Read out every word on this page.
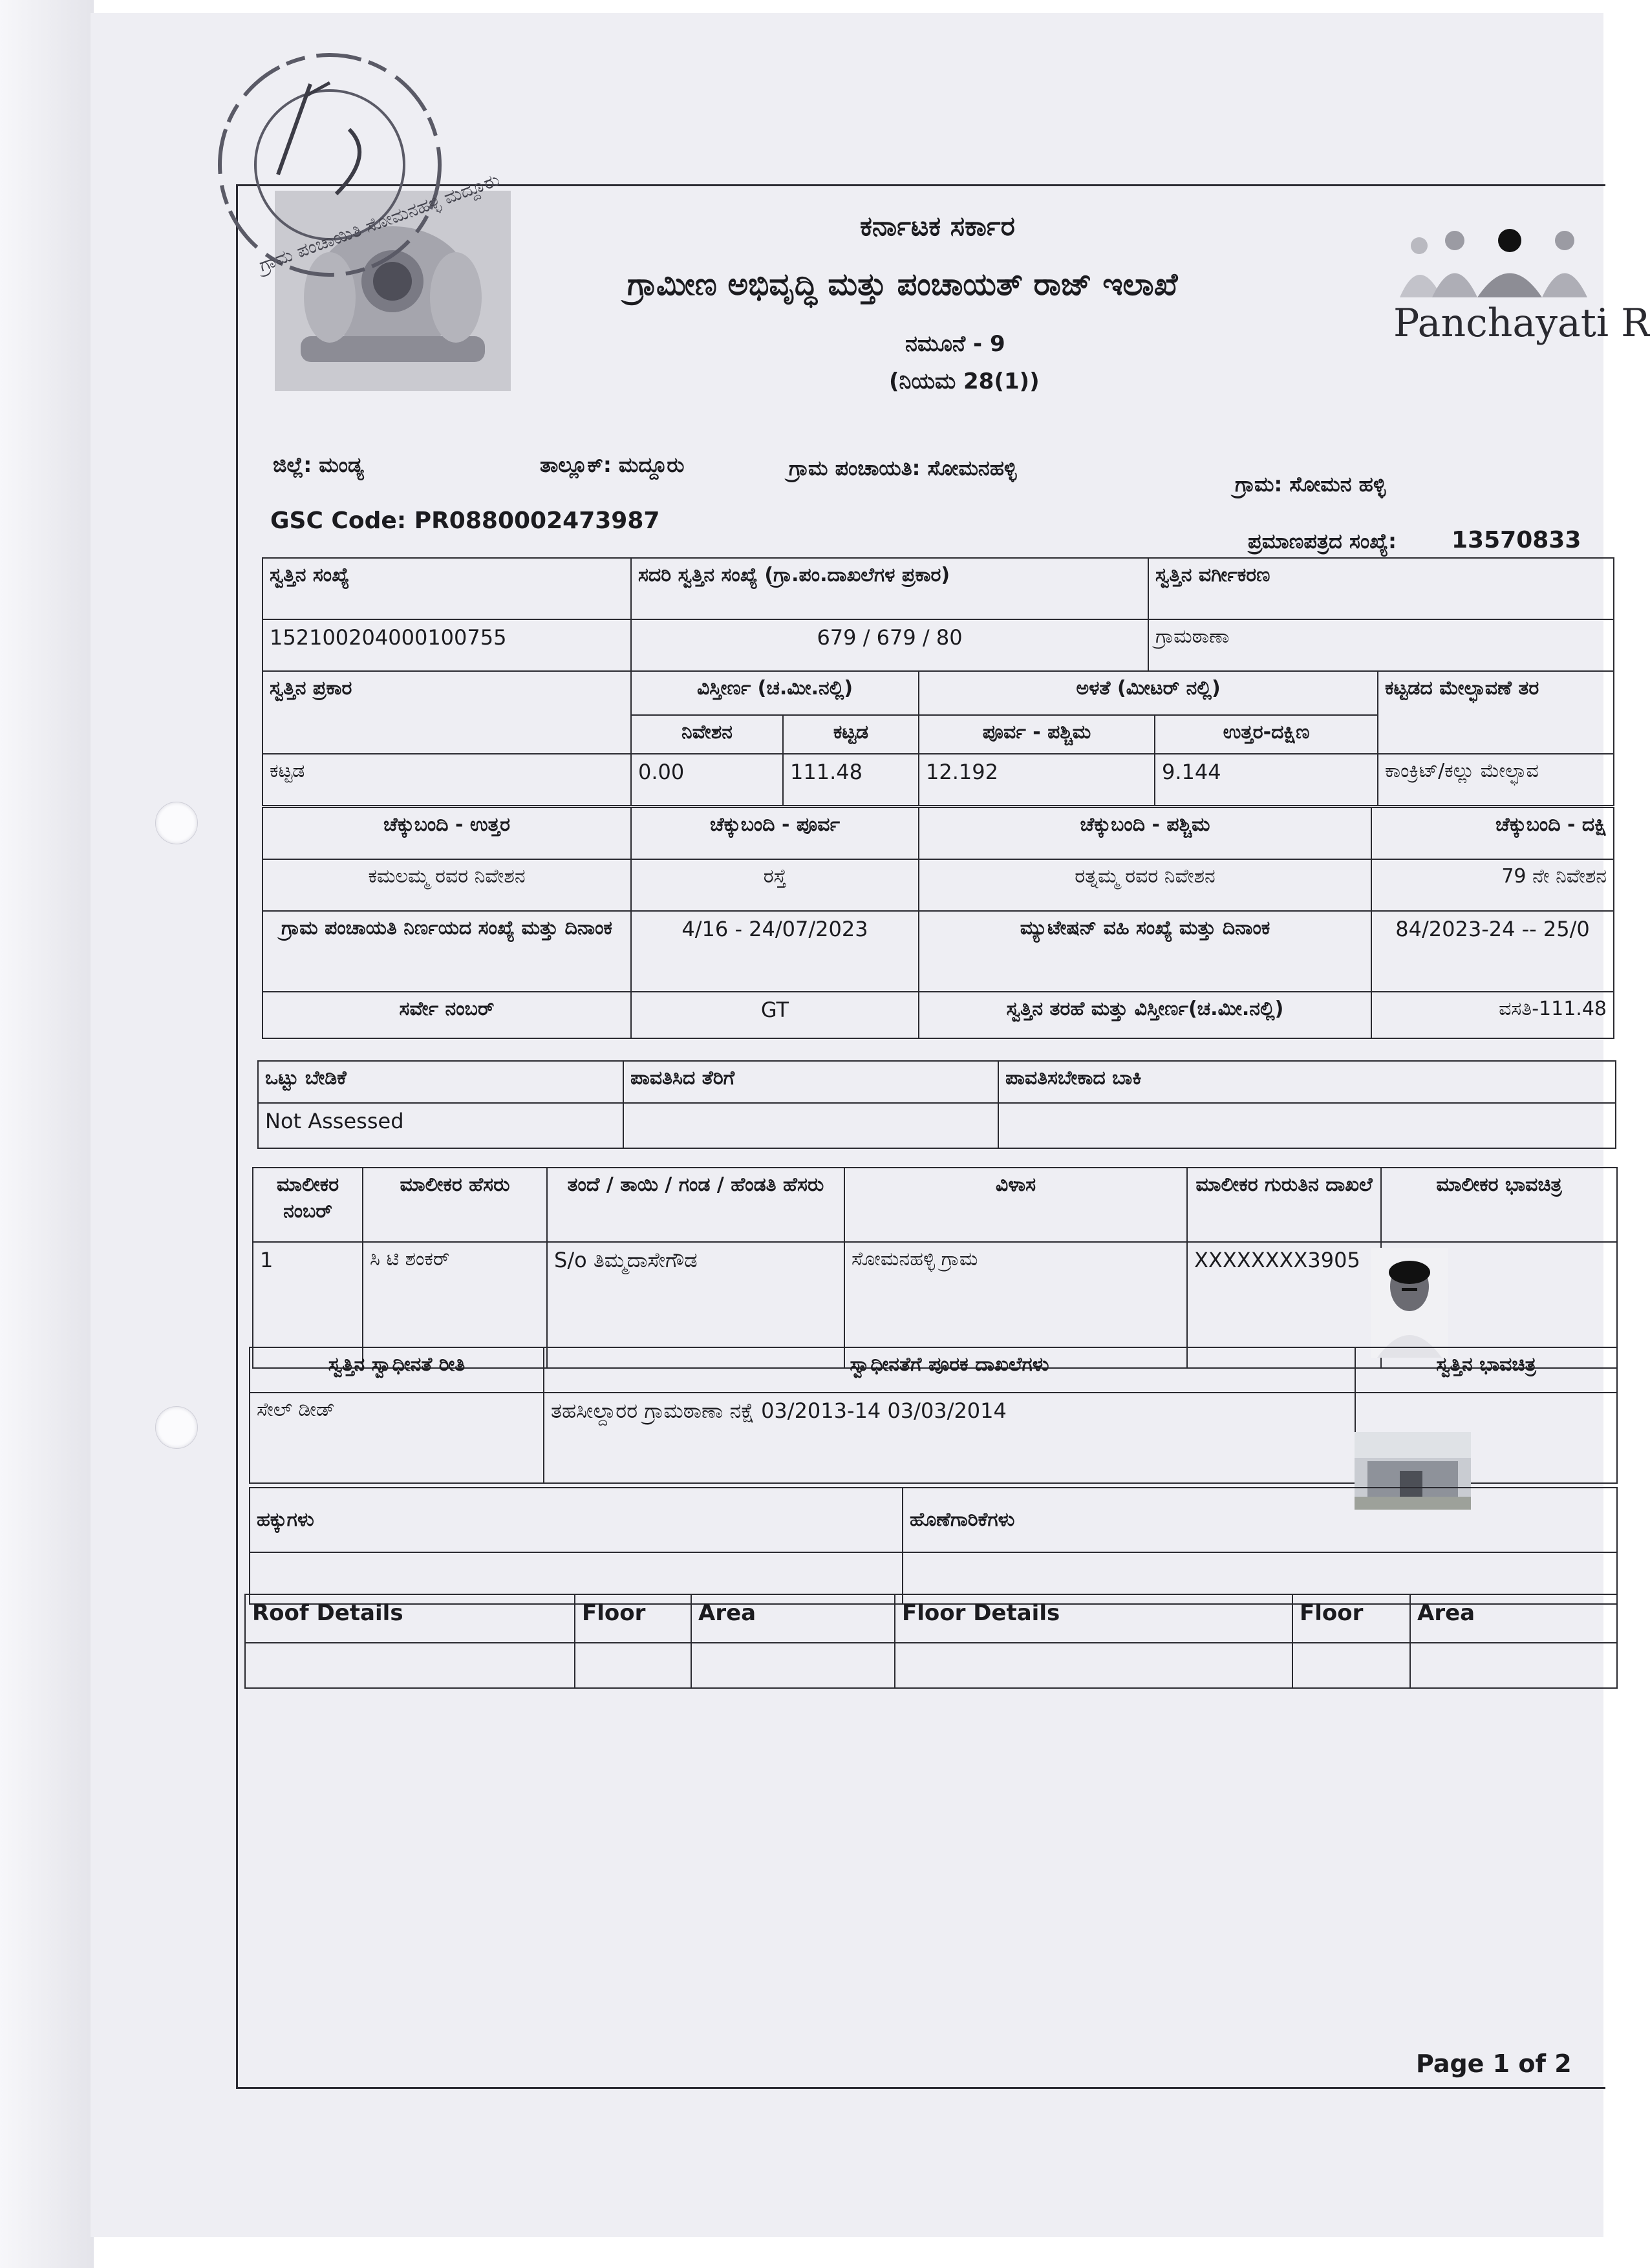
ಗ್ರಾಮ ಪಂಚಾಯಿತಿ ಸೋಮನಹಳ್ಳಿ ಮದ್ದೂರು
Panchayati R
ಕರ್ನಾಟಕ ಸರ್ಕಾರ
ಗ್ರಾಮೀಣ ಅಭಿವೃದ್ಧಿ ಮತ್ತು ಪಂಚಾಯತ್ ರಾಜ್ ಇಲಾಖೆ
ನಮೂನೆ - 9
(ನಿಯಮ 28(1))
ಜಿಲ್ಲೆ: ಮಂಡ್ಯ	ತಾಲ್ಲೂಕ್: ಮದ್ದೂರು	ಗ್ರಾಮ ಪಂಚಾಯತಿ: ಸೋಮನಹಳ್ಳಿ
ಗ್ರಾಮ: ಸೋಮನ ಹಳ್ಳಿ
GSC Code: PR0880002473987
ಪ್ರಮಾಣಪತ್ರದ ಸಂಖ್ಯೆ: 13570833
ಸ್ವತ್ತಿನ ಸಂಖ್ಯೆ	ಸದರಿ ಸ್ವತ್ತಿನ ಸಂಖ್ಯೆ (ಗ್ರಾ.ಪಂ.ದಾಖಲೆಗಳ ಪ್ರಕಾರ)	ಸ್ವತ್ತಿನ ವರ್ಗೀಕರಣ
152100204000100755	679 / 679 / 80	ಗ್ರಾಮಠಾಣಾ
ಸ್ವತ್ತಿನ ಪ್ರಕಾರ	ವಿಸ್ತೀರ್ಣ (ಚ.ಮೀ.ನಲ್ಲಿ)		ಅಳತೆ (ಮೀಟರ್ ನಲ್ಲಿ)		ಕಟ್ಟಡದ ಮೇಲ್ಛಾವಣೆ ತರ
	ನಿವೇಶನ	ಕಟ್ಟಡ	ಪೂರ್ವ - ಪಶ್ಚಿಮ	ಉತ್ತರ-ದಕ್ಷಿಣ	
ಕಟ್ಟಡ	0.00	111.48	12.192	9.144	ಕಾಂಕ್ರಿಟ್/ಕಲ್ಲು ಮೇಲ್ಛಾವ
ಚೆಕ್ಕುಬಂದಿ - ಉತ್ತರ	ಚೆಕ್ಕುಬಂದಿ - ಪೂರ್ವ	ಚೆಕ್ಕುಬಂದಿ - ಪಶ್ಚಿಮ	ಚೆಕ್ಕುಬಂದಿ - ದಕ್ಷಿ
ಕಮಲಮ್ಮ ರವರ ನಿವೇಶನ	ರಸ್ತೆ	ರತ್ನಮ್ಮ ರವರ ನಿವೇಶನ	79 ನೇ ನಿವೇಶನ
ಗ್ರಾಮ ಪಂಚಾಯತಿ ನಿರ್ಣಯದ ಸಂಖ್ಯೆ ಮತ್ತು ದಿನಾಂಕ	4/16 - 24/07/2023	ಮ್ಯುಟೇಷನ್ ವಹಿ ಸಂಖ್ಯೆ ಮತ್ತು ದಿನಾಂಕ	84/2023-24 -- 25/0
ಸರ್ವೇ ನಂಬರ್	GT	ಸ್ವತ್ತಿನ ತರಹೆ ಮತ್ತು ವಿಸ್ತೀರ್ಣ(ಚ.ಮೀ.ನಲ್ಲಿ)	ವಸತಿ-111.48
ಒಟ್ಟು ಬೇಡಿಕೆ	ಪಾವತಿಸಿದ ತೆರಿಗೆ	ಪಾವತಿಸಬೇಕಾದ ಬಾಕಿ
Not Assessed		
ಮಾಲೀಕರ ನಂಬರ್	ಮಾಲೀಕರ ಹೆಸರು	ತಂದೆ / ತಾಯಿ / ಗಂಡ / ಹೆಂಡತಿ ಹೆಸರು	ವಿಳಾಸ	ಮಾಲೀಕರ ಗುರುತಿನ ದಾಖಲೆ	ಮಾಲೀಕರ ಭಾವಚಿತ್ರ
1	ಸಿ ಟಿ ಶಂಕರ್	S/o ತಿಮ್ಮದಾಸೇಗೌಡ	ಸೋಮನಹಳ್ಳಿ ಗ್ರಾಮ	XXXXXXXX3905	
ಸ್ವತ್ತಿನ ಸ್ವಾಧೀನತೆ ರೀತಿ	ಸ್ವಾಧೀನತೆಗೆ ಪೂರಕ ದಾಖಲೆಗಳು	ಸ್ವತ್ತಿನ ಭಾವಚಿತ್ರ
ಸೇಲ್ ಡೀಡ್	ತಹಸೀಲ್ದಾರರ ಗ್ರಾಮಠಾಣಾ ನಕ್ಷೆ 03/2013-14 03/03/2014	
ಹಕ್ಕುಗಳು	ಹೊಣೆಗಾರಿಕೆಗಳು

Roof Details	Floor	Area	Floor Details	Floor	Area

Page 1 of 2
